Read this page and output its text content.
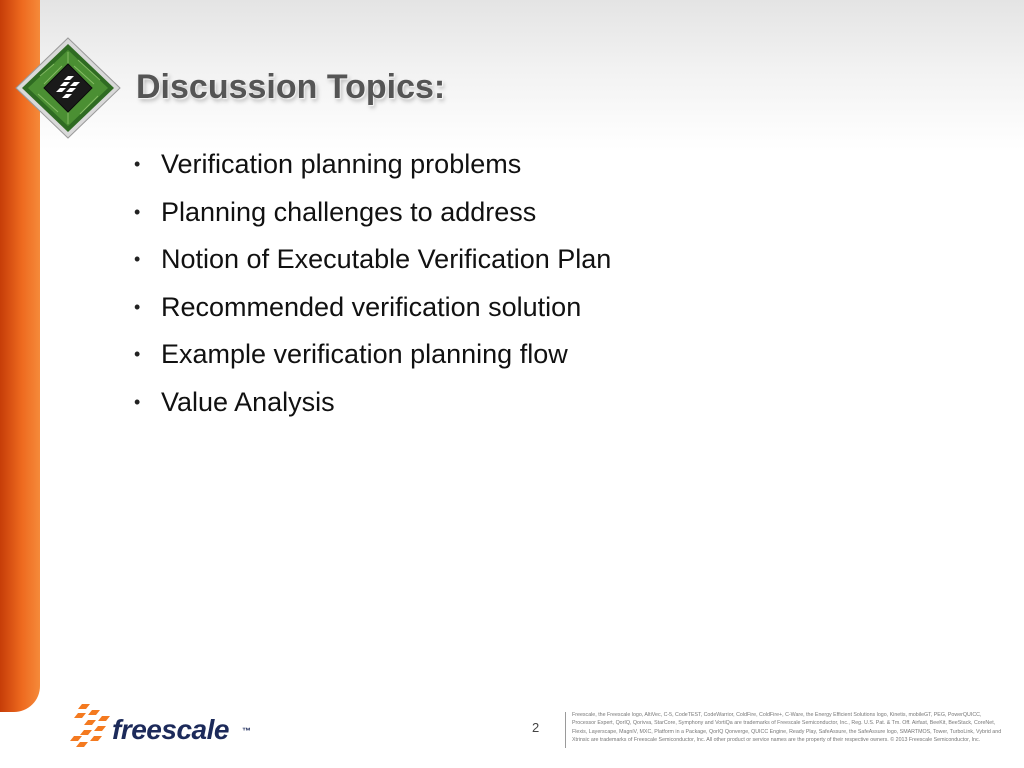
Discussion Topics:
• Verification planning problems
• Planning challenges to address
• Notion of Executable Verification Plan
• Recommended verification solution
• Example verification planning flow
• Value Analysis
freescale ™	2

Freescale, the Freescale logo, AltiVec, C-5, CodeTEST, CodeWarrior, ColdFire, ColdFire+, C-Ware, the Energy Efficient Solutions logo, Kinetis, mobileGT, PEG, PowerQUICC, Processor Expert, QorIQ, Qorivva, StarCore, Symphony and VortiQa are trademarks of Freescale Semiconductor, Inc., Reg. U.S. Pat. & Tm. Off. Airfast, BeeKit, BeeStack, CoreNet, Flexis, Layerscape, MagniV, MXC, Platform in a Package, QorIQ Qonverge, QUICC Engine, Ready Play, SafeAssure, the SafeAssure logo, SMARTMOS, Tower, TurboLink, Vybrid and Xtrinsic are trademarks of Freescale Semiconductor, Inc. All other product or service names are the property of their respective owners. © 2013 Freescale Semiconductor, Inc.
